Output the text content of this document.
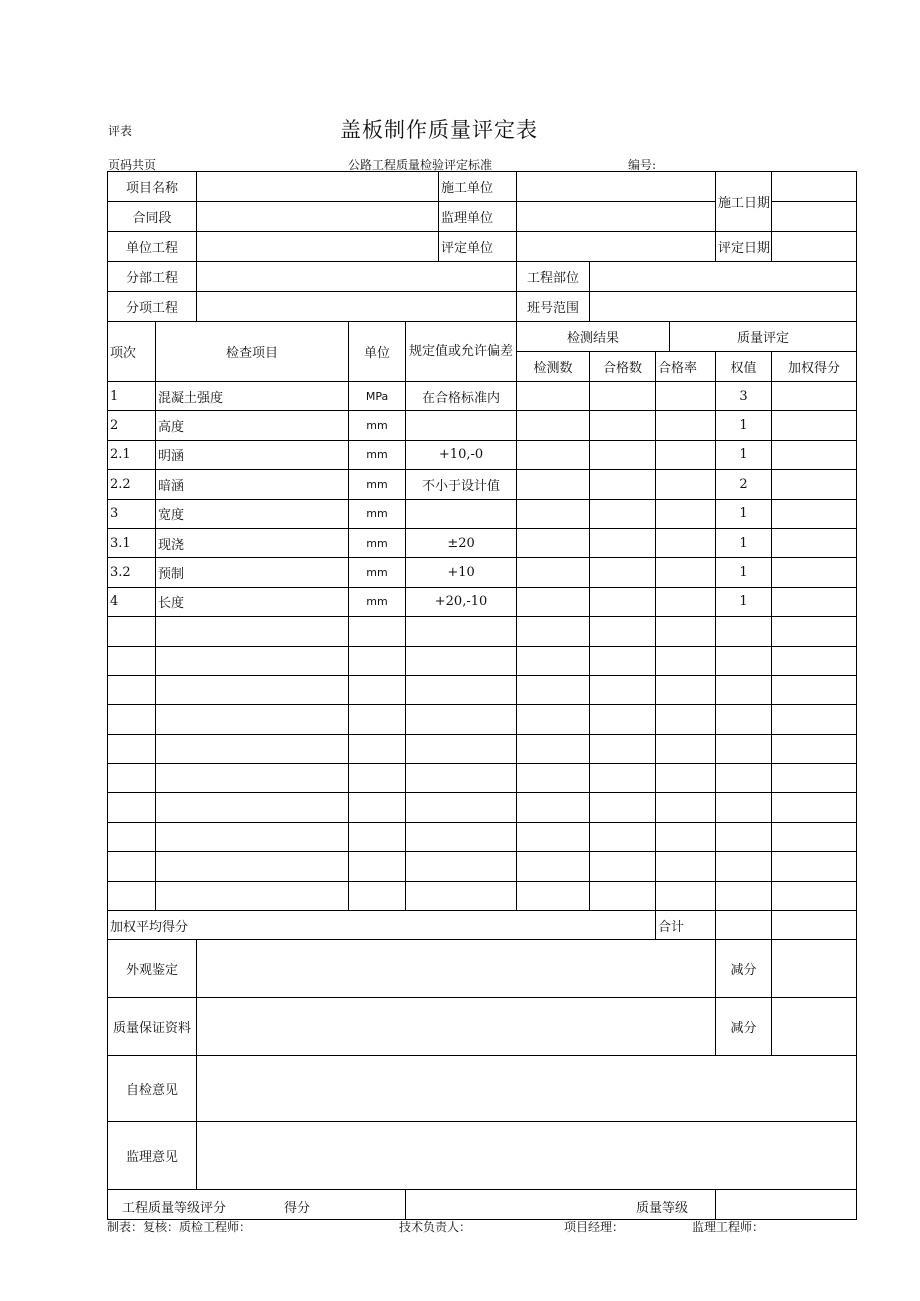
评表	盖板制作质量评定表
页码共页	公路工程质量检验评定标准	编号:
项目名称					施工单位					施工日期	
合同段					监理单位						
单位工程					评定单位					评定日期	
分部工程						工程部位					
分项工程						班号范围					
项次	检查项目		单位	规定值或允许偏差		检测结果			质量评定		
						检测数	合格数	合格率		权值	加权得分
1	混凝土强度		MPa	在合格标准内						3	
2	高度		mm							1	
2.1	明涵		mm	+10,-0						1	
2.2	暗涵		mm	不小于设计值						2	
3	宽度		mm							1	
3.1	现浇		mm	±20						1	
3.2	预制		mm	+10						1	
4	长度		mm	+20,-10						1	

加权平均得分								合计			
外观鉴定										减分	
质量保证资料										减分	
自检意见											
监理意见											

工程质量等级评分 得分				质量等级							

制表：复核：质检工程师：	技术负责人：	项目经理：	监理工程师：
